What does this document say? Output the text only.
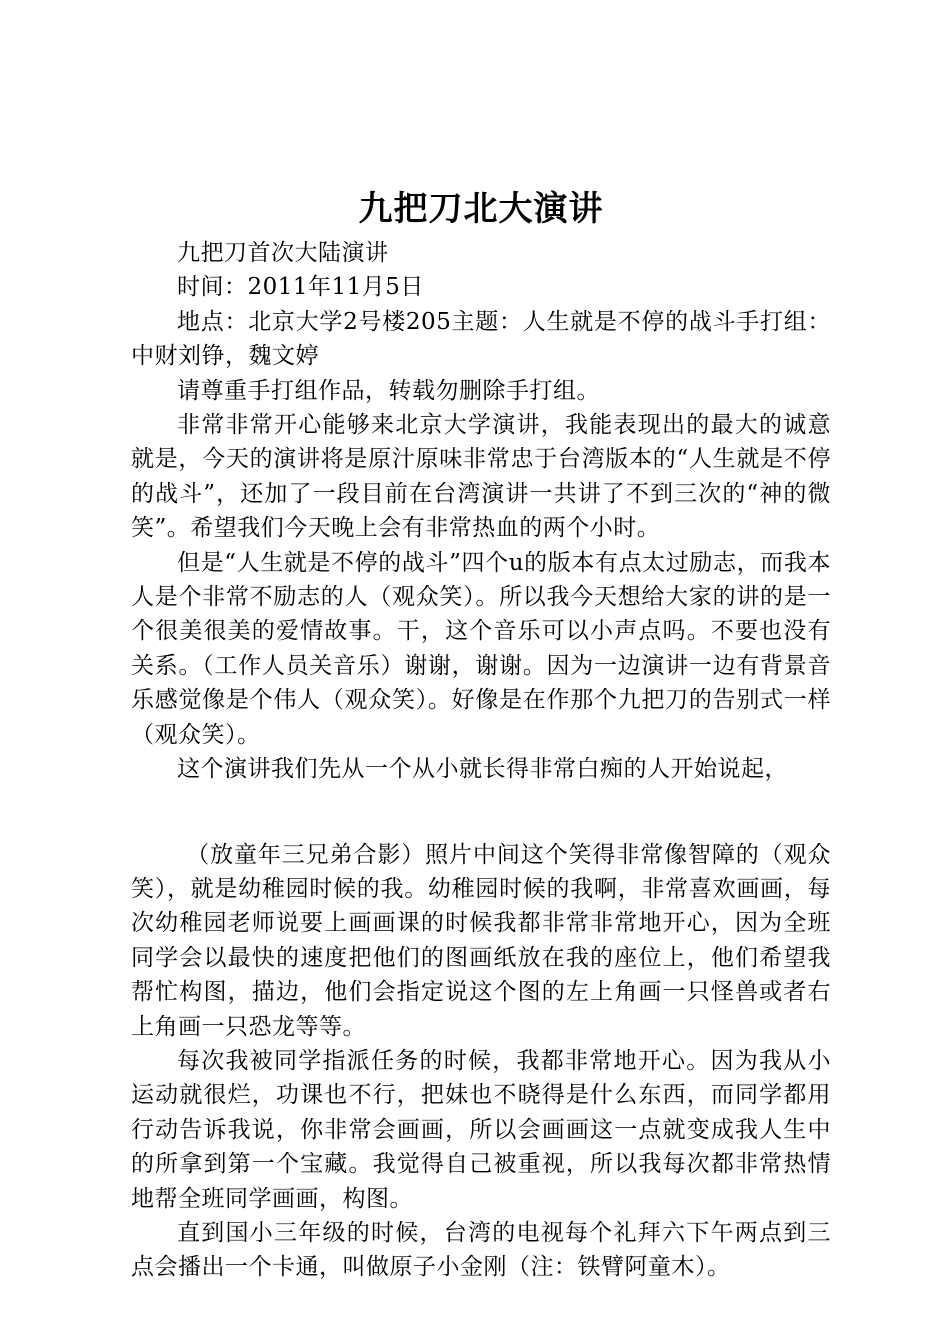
九把刀北大演讲

九把刀首次大陆演讲

时间：2011年11月5日

地点：北京大学2号楼205主题：人生就是不停的战斗手打组：中财刘铮，魏文婷

请尊重手打组作品，转载勿删除手打组。

非常非常开心能够来北京大学演讲，我能表现出的最大的诚意就是，今天的演讲将是原汁原味非常忠于台湾版本的“人生就是不停的战斗”，还加了一段目前在台湾演讲一共讲了不到三次的“神的微笑”。希望我们今天晚上会有非常热血的两个小时。

但是“人生就是不停的战斗”四个u的版本有点太过励志，而我本人是个非常不励志的人（观众笑）。所以我今天想给大家的讲的是一个很美很美的爱情故事。干，这个音乐可以小声点吗。不要也没有关系。（工作人员关音乐）谢谢，谢谢。因为一边演讲一边有背景音乐感觉像是个伟人（观众笑）。好像是在作那个九把刀的告别式一样（观众笑）。

这个演讲我们先从一个从小就长得非常白痴的人开始说起，

（放童年三兄弟合影）照片中间这个笑得非常像智障的（观众笑），就是幼稚园时候的我。幼稚园时候的我啊，非常喜欢画画，每次幼稚园老师说要上画画课的时候我都非常非常地开心，因为全班同学会以最快的速度把他们的图画纸放在我的座位上，他们希望我帮忙构图，描边，他们会指定说这个图的左上角画一只怪兽或者右上角画一只恐龙等等。

每次我被同学指派任务的时候，我都非常地开心。因为我从小运动就很烂，功课也不行，把妹也不晓得是什么东西，而同学都用行动告诉我说，你非常会画画，所以会画画这一点就变成我人生中的所拿到第一个宝藏。我觉得自己被重视，所以我每次都非常热情地帮全班同学画画，构图。

直到国小三年级的时候，台湾的电视每个礼拜六下午两点到三点会播出一个卡通，叫做原子小金刚（注：铁臂阿童木）。
